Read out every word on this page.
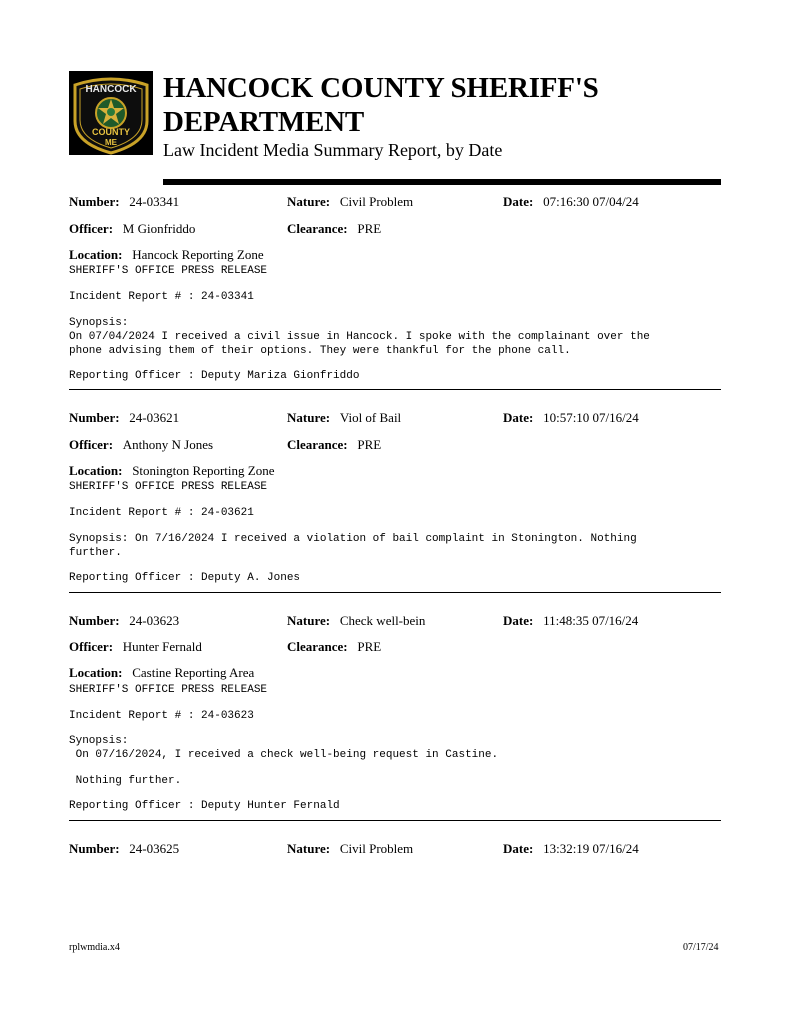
HANCOCK
COUNTY
ME
HANCOCK COUNTY SHERIFF'S
DEPARTMENT
Law Incident Media Summary Report, by Date
Number: 24-03341	Nature: Civil Problem	Date: 07:16:30 07/04/24
Officer: M Gionfriddo	Clearance: PRE
Location: Hancock Reporting Zone
SHERIFF'S OFFICE PRESS RELEASE
Incident Report # : 24-03341
Synopsis:
On 07/04/2024 I received a civil issue in Hancock. I spoke with the complainant over the
phone advising them of their options. They were thankful for the phone call.
Reporting Officer : Deputy Mariza Gionfriddo
Number: 24-03621	Nature: Viol of Bail	Date: 10:57:10 07/16/24
Officer: Anthony N Jones	Clearance: PRE
Location: Stonington Reporting Zone
SHERIFF'S OFFICE PRESS RELEASE
Incident Report # : 24-03621
Synopsis: On 7/16/2024 I received a violation of bail complaint in Stonington. Nothing
further.
Reporting Officer : Deputy A. Jones
Number: 24-03623	Nature: Check well-bein	Date: 11:48:35 07/16/24
Officer: Hunter Fernald	Clearance: PRE
Location: Castine Reporting Area
SHERIFF'S OFFICE PRESS RELEASE
Incident Report # : 24-03623
Synopsis:
On 07/16/2024, I received a check well-being request in Castine.
Nothing further.
Reporting Officer : Deputy Hunter Fernald
Number: 24-03625	Nature: Civil Problem	Date: 13:32:19 07/16/24
rplwmdia.x4	07/17/24
